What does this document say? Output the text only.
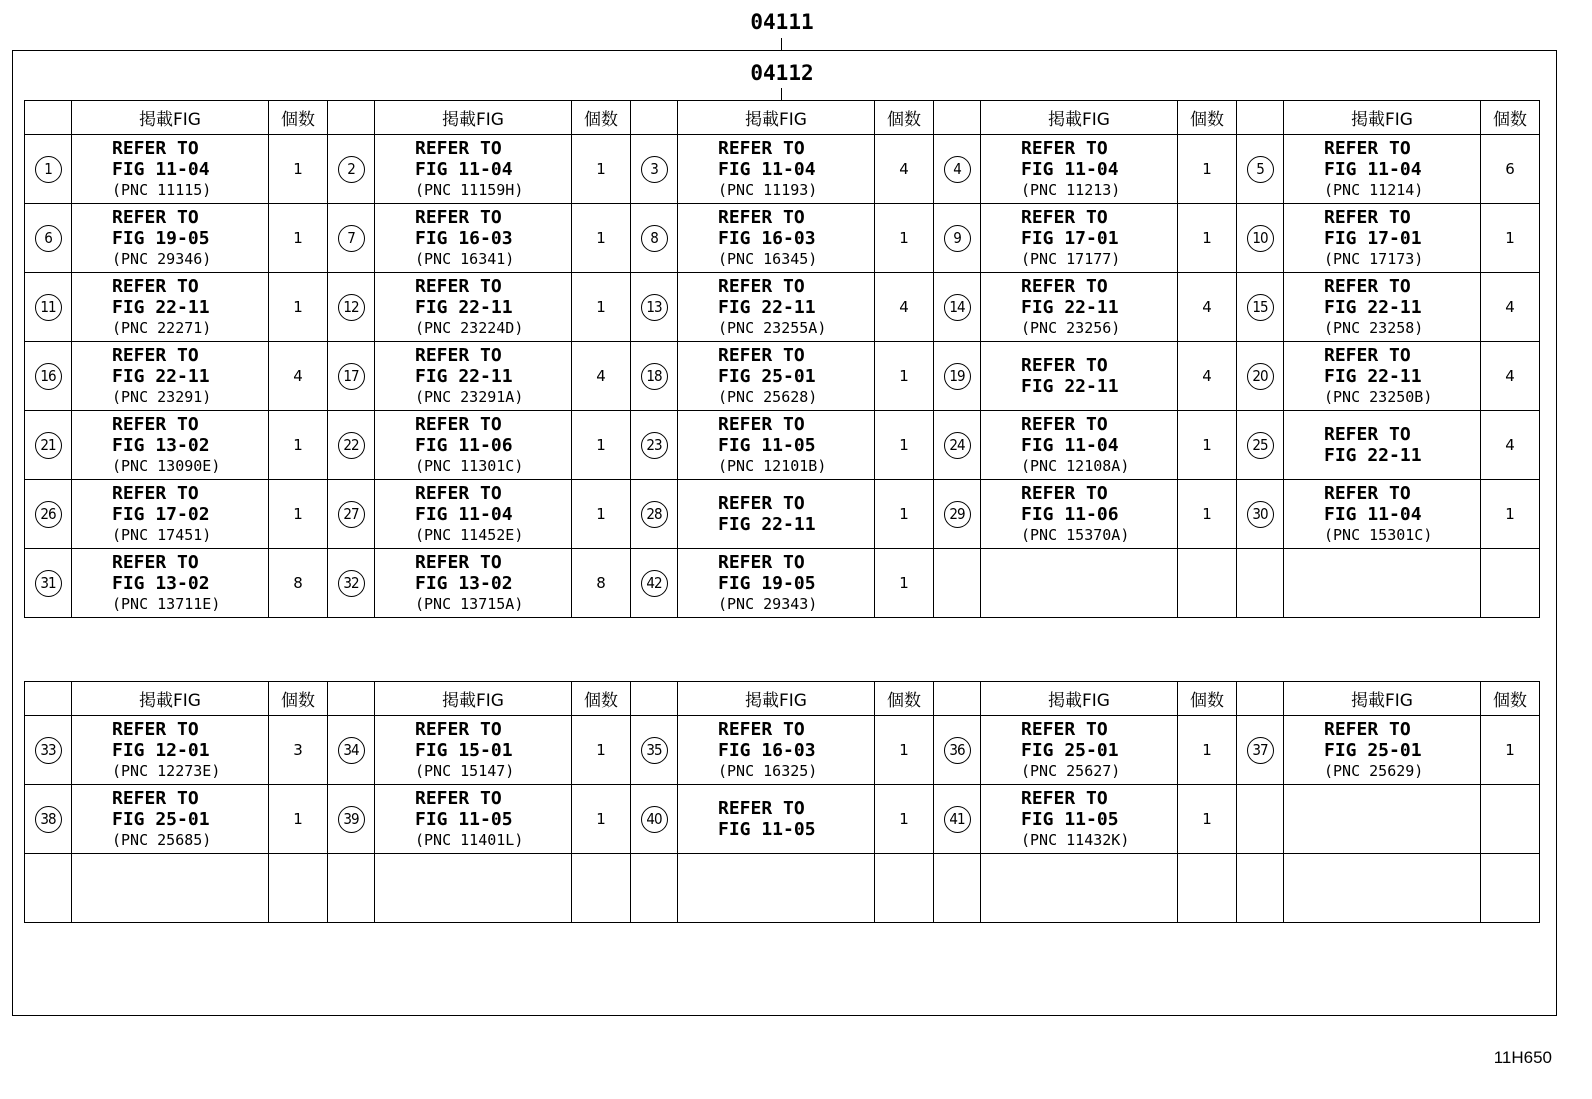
04111
04112
	掲載FIG	個数		掲載FIG	個数		掲載FIG	個数		掲載FIG	個数		掲載FIG	個数
1	REFER TO
FIG 11-04
(PNC 11115)	1	2	REFER TO
FIG 11-04
(PNC 11159H)	1	3	REFER TO
FIG 11-04
(PNC 11193)	4	4	REFER TO
FIG 11-04
(PNC 11213)	1	5	REFER TO
FIG 11-04
(PNC 11214)	6
6	REFER TO
FIG 19-05
(PNC 29346)	1	7	REFER TO
FIG 16-03
(PNC 16341)	1	8	REFER TO
FIG 16-03
(PNC 16345)	1	9	REFER TO
FIG 17-01
(PNC 17177)	1	10	REFER TO
FIG 17-01
(PNC 17173)	1
11	REFER TO
FIG 22-11
(PNC 22271)	1	12	REFER TO
FIG 22-11
(PNC 23224D)	1	13	REFER TO
FIG 22-11
(PNC 23255A)	4	14	REFER TO
FIG 22-11
(PNC 23256)	4	15	REFER TO
FIG 22-11
(PNC 23258)	4
16	REFER TO
FIG 22-11
(PNC 23291)	4	17	REFER TO
FIG 22-11
(PNC 23291A)	4	18	REFER TO
FIG 25-01
(PNC 25628)	1	19	REFER TO
FIG 22-11	4	20	REFER TO
FIG 22-11
(PNC 23250B)	4
21	REFER TO
FIG 13-02
(PNC 13090E)	1	22	REFER TO
FIG 11-06
(PNC 11301C)	1	23	REFER TO
FIG 11-05
(PNC 12101B)	1	24	REFER TO
FIG 11-04
(PNC 12108A)	1	25	REFER TO
FIG 22-11	4
26	REFER TO
FIG 17-02
(PNC 17451)	1	27	REFER TO
FIG 11-04
(PNC 11452E)	1	28	REFER TO
FIG 22-11	1	29	REFER TO
FIG 11-06
(PNC 15370A)	1	30	REFER TO
FIG 11-04
(PNC 15301C)	1
31	REFER TO
FIG 13-02
(PNC 13711E)	8	32	REFER TO
FIG 13-02
(PNC 13715A)	8	42	REFER TO
FIG 19-05
(PNC 29343)	1						
	掲載FIG	個数		掲載FIG	個数		掲載FIG	個数		掲載FIG	個数		掲載FIG	個数
33	REFER TO
FIG 12-01
(PNC 12273E)	3	34	REFER TO
FIG 15-01
(PNC 15147)	1	35	REFER TO
FIG 16-03
(PNC 16325)	1	36	REFER TO
FIG 25-01
(PNC 25627)	1	37	REFER TO
FIG 25-01
(PNC 25629)	1
38	REFER TO
FIG 25-01
(PNC 25685)	1	39	REFER TO
FIG 11-05
(PNC 11401L)	1	40	REFER TO
FIG 11-05	1	41	REFER TO
FIG 11-05
(PNC 11432K)	1			

11H650
